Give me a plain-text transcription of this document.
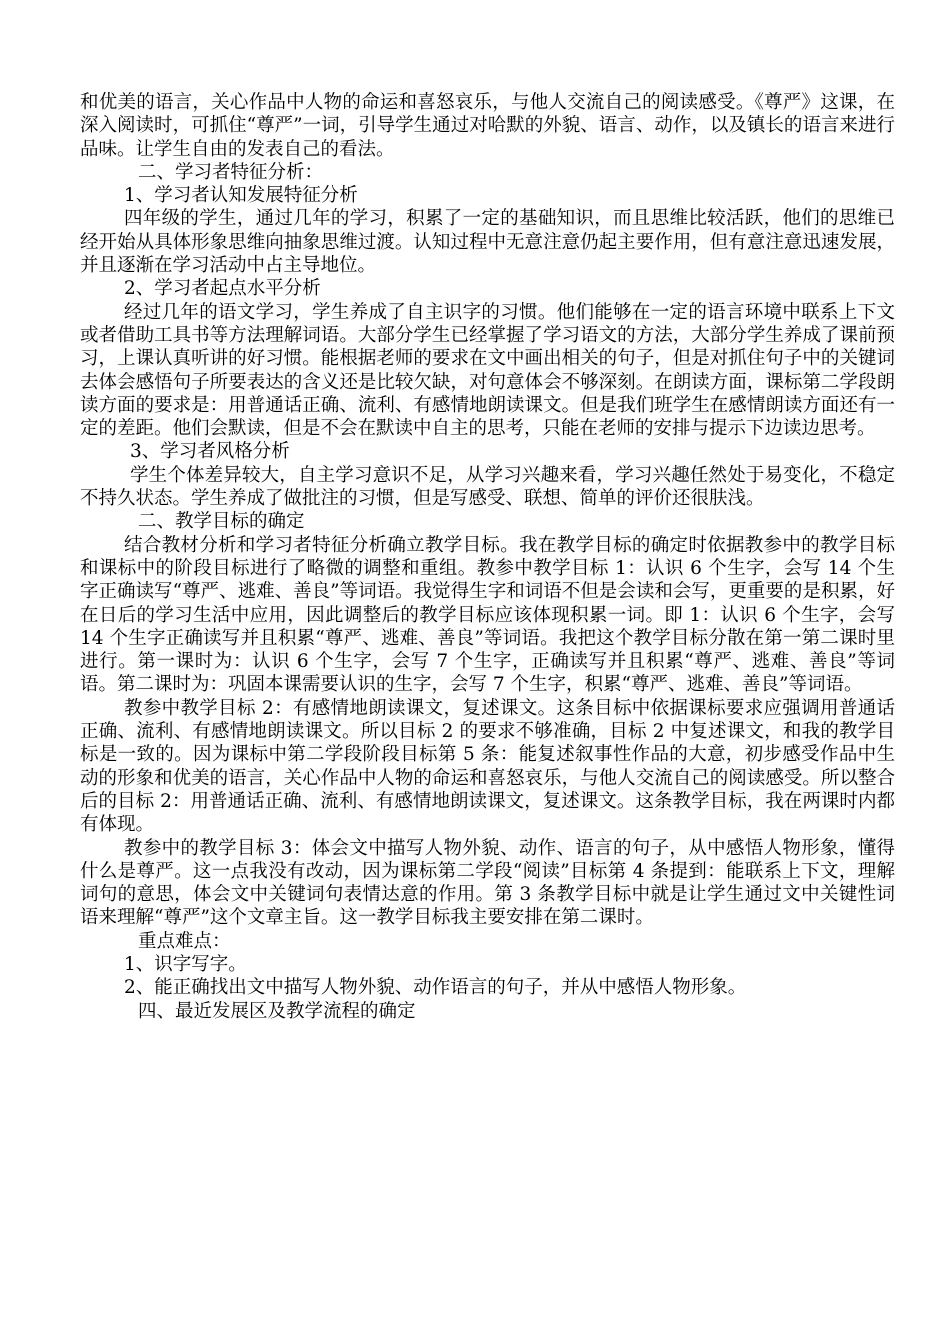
和优美的语言，关心作品中人物的命运和喜怒哀乐，与他人交流自己的阅读感受。《尊严》这课，在深入阅读时，可抓住“尊严”一词，引导学生通过对哈默的外貌、语言、动作，以及镇长的语言来进行品味。让学生自由的发表自己的看法。

二、学习者特征分析：

1、学习者认知发展特征分析

四年级的学生，通过几年的学习，积累了一定的基础知识，而且思维比较活跃，他们的思维已经开始从具体形象思维向抽象思维过渡。认知过程中无意注意仍起主要作用，但有意注意迅速发展，并且逐渐在学习活动中占主导地位。

2、学习者起点水平分析

经过几年的语文学习，学生养成了自主识字的习惯。他们能够在一定的语言环境中联系上下文或者借助工具书等方法理解词语。大部分学生已经掌握了学习语文的方法，大部分学生养成了课前预习，上课认真听讲的好习惯。能根据老师的要求在文中画出相关的句子，但是对抓住句子中的关键词去体会感悟句子所要表达的含义还是比较欠缺，对句意体会不够深刻。在朗读方面，课标第二学段朗读方面的要求是：用普通话正确、流利、有感情地朗读课文。但是我们班学生在感情朗读方面还有一定的差距。他们会默读，但是不会在默读中自主的思考，只能在老师的安排与提示下边读边思考。

3、学习者风格分析

学生个体差异较大，自主学习意识不足，从学习兴趣来看，学习兴趣任然处于易变化，不稳定不持久状态。学生养成了做批注的习惯，但是写感受、联想、简单的评价还很肤浅。

二、教学目标的确定

结合教材分析和学习者特征分析确立教学目标。我在教学目标的确定时依据教参中的教学目标和课标中的阶段目标进行了略微的调整和重组。教参中教学目标 1：认识 6 个生字，会写 14 个生字正确读写“尊严、逃难、善良”等词语。我觉得生字和词语不但是会读和会写，更重要的是积累，好在日后的学习生活中应用，因此调整后的教学目标应该体现积累一词。即 1：认识 6 个生字，会写 14 个生字正确读写并且积累“尊严、逃难、善良”等词语。我把这个教学目标分散在第一第二课时里进行。第一课时为：认识 6 个生字，会写 7 个生字，正确读写并且积累“尊严、逃难、善良”等词语。第二课时为：巩固本课需要认识的生字，会写 7 个生字，积累“尊严、逃难、善良”等词语。

教参中教学目标 2：有感情地朗读课文，复述课文。这条目标中依据课标要求应强调用普通话正确、流利、有感情地朗读课文。所以目标 2 的要求不够准确，目标 2 中复述课文，和我的教学目标是一致的。因为课标中第二学段阶段目标第 5 条：能复述叙事性作品的大意，初步感受作品中生动的形象和优美的语言，关心作品中人物的命运和喜怒哀乐，与他人交流自己的阅读感受。所以整合后的目标 2：用普通话正确、流利、有感情地朗读课文，复述课文。这条教学目标，我在两课时内都有体现。

教参中的教学目标 3：体会文中描写人物外貌、动作、语言的句子，从中感悟人物形象，懂得什么是尊严。这一点我没有改动，因为课标第二学段“阅读”目标第 4 条提到：能联系上下文，理解词句的意思，体会文中关键词句表情达意的作用。第 3 条教学目标中就是让学生通过文中关键性词语来理解“尊严”这个文章主旨。这一教学目标我主要安排在第二课时。

重点难点：

1、识字写字。

2、能正确找出文中描写人物外貌、动作语言的句子，并从中感悟人物形象。

四、最近发展区及教学流程的确定
